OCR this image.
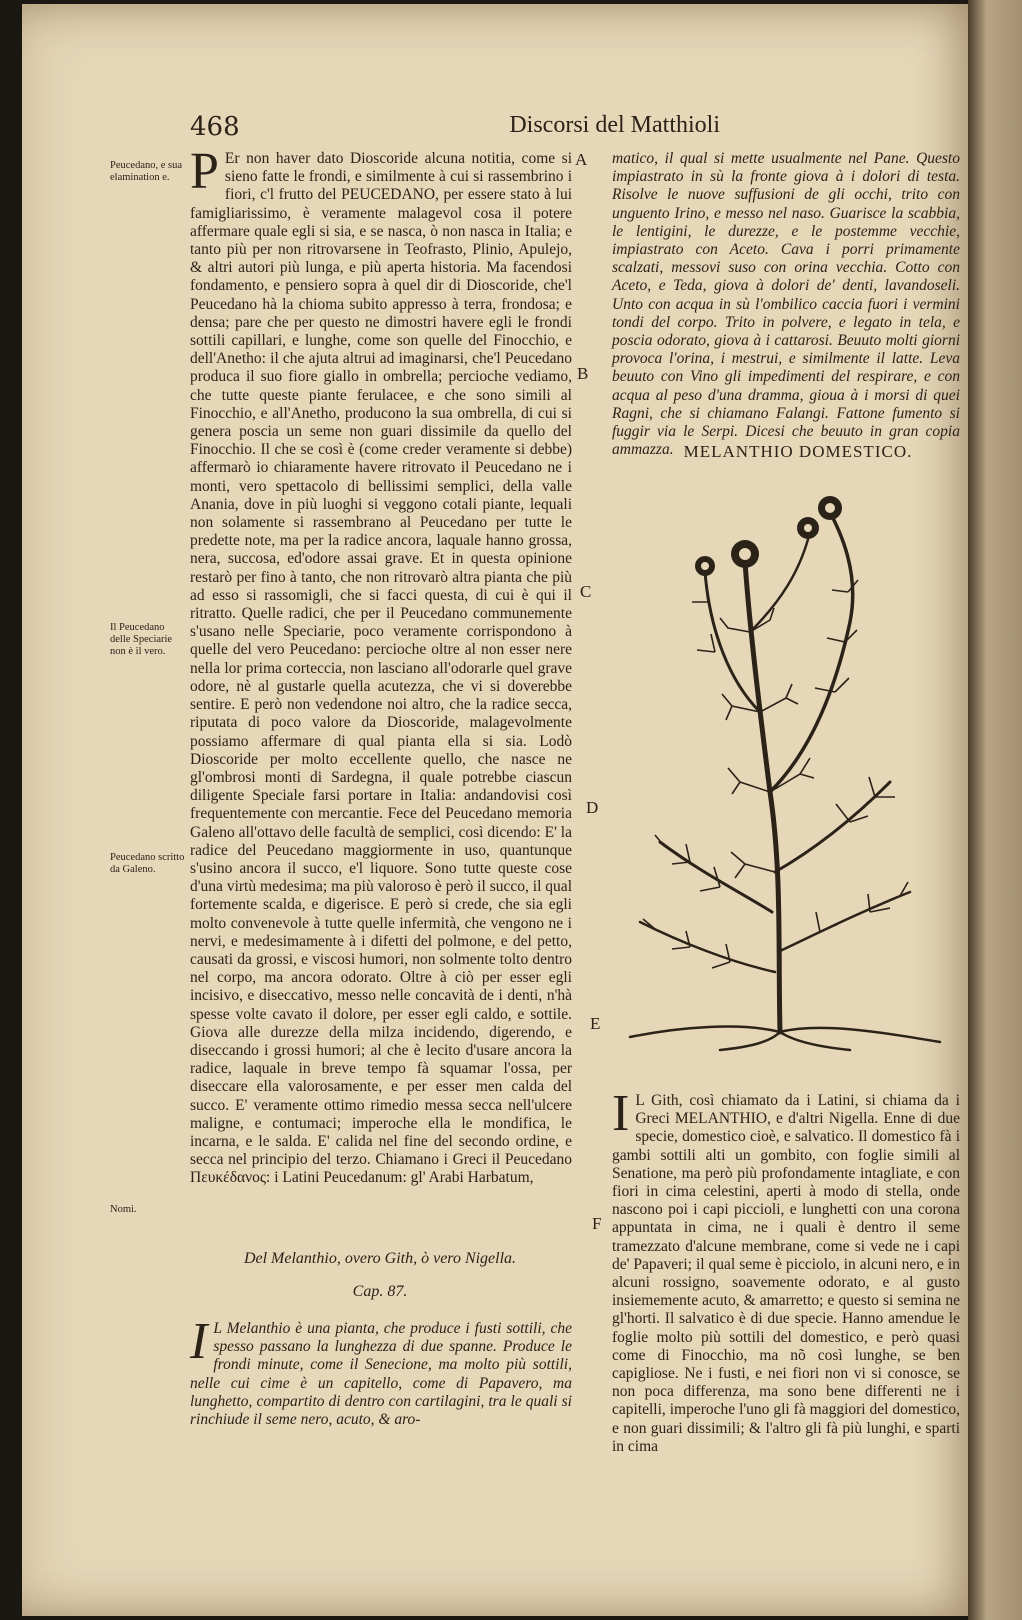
468	Discorsi del Matthioli
Peucedano, e sua elamination e.
Il Peucedano delle Speciarie non è il vero.
Peucedano scritto da Galeno.
Nomi.
A
B
C
D
E
F

P Er non haver dato Dioscoride alcuna notitia, come si sieno fatte le frondi, e similmente à cui si rassembrino i fiori, c'l frutto del PEUCEDANO, per essere stato à lui famigliarissimo, è veramente malagevol cosa il potere affermare quale egli si sia, e se nasca, ò non nasca in Italia; e tanto più per non ritrovarsene in Teofrasto, Plinio, Apulejo, & altri autori più lunga, e più aperta historia. Ma facendosi fondamento, e pensiero sopra à quel dir di Dioscoride, che'l Peucedano hà la chioma subito appresso à terra, frondosa; e densa; pare che per questo ne dimostri havere egli le frondi sottili capillari, e lunghe, come son quelle del Finocchio, e dell'Anetho: il che ajuta altrui ad imaginarsi, che'l Peucedano produca il suo fiore giallo in ombrella; percioche vediamo, che tutte queste piante ferulacee, e che sono simili al Finocchio, e all'Anetho, producono la sua ombrella, di cui si genera poscia un seme non guari dissimile da quello del Finocchio. Il che se così è (come creder veramente si debbe) affermarò io chiaramente havere ritrovato il Peucedano ne i monti, vero spettacolo di bellissimi semplici, della valle Anania, dove in più luoghi si veggono cotali piante, lequali non solamente si rassembrano al Peucedano per tutte le predette note, ma per la radice ancora, laquale hanno grossa, nera, succosa, ed'odore assai grave. Et in questa opinione restarò per fino à tanto, che non ritrovarò altra pianta che più ad esso si rassomigli, che si facci questa, di cui è qui il ritratto. Quelle radici, che per il Peucedano communemente s'usano nelle Speciarie, poco veramente corrispondono à quelle del vero Peucedano: percioche oltre al non esser nere nella lor prima corteccia, non lasciano all'odorarle quel grave odore, nè al gustarle quella acutezza, che vi si doverebbe sentire. E però non vedendone noi altro, che la radice secca, riputata di poco valore da Dioscoride, malagevolmente possiamo affermare di qual pianta ella si sia. Lodò Dioscoride per molto eccellente quello, che nasce ne gl'ombrosi monti di Sardegna, il quale potrebbe ciascun diligente Speciale farsi portare in Italia: andandovisi così frequentemente con mercantie. Fece del Peucedano memoria Galeno all'ottavo delle facultà de semplici, così dicendo: E' la radice del Peucedano maggiormente in uso, quantunque s'usino ancora il succo, e'l liquore. Sono tutte queste cose d'una virtù medesima; ma più valoroso è però il succo, il qual fortemente scalda, e digerisce. E però si crede, che sia egli molto convenevole à tutte quelle infermità, che vengono ne i nervi, e medesimamente à i difetti del polmone, e del petto, causati da grossi, e viscosi humori, non solmente tolto dentro nel corpo, ma ancora odorato. Oltre à ciò per esser egli incisivo, e diseccativo, messo nelle concavità de i denti, n'hà spesse volte cavato il dolore, per esser egli caldo, e sottile. Giova alle durezze della milza incidendo, digerendo, e diseccando i grossi humori; al che è lecito d'usare ancora la radice, laquale in breve tempo fà squamar l'ossa, per diseccare ella valorosamente, e per esser men calda del succo. E' veramente ottimo rimedio messa secca nell'ulcere maligne, e contumaci; imperoche ella le mondifica, le incarna, e le salda. E' calida nel fine del secondo ordine, e secca nel principio del terzo. Chiamano i Greci il Peucedano Πευκέδανος: i Latini Peucedanum: gl' Arabi Harbatum,

Del Melanthio, overo Gith, ò vero Nigella.
Cap. 87.

I L Melanthio è una pianta, che produce i fusti sottili, che spesso passano la lunghezza di due spanne. Produce le frondi minute, come il Senecione, ma molto più sottili, nelle cui cime è un capitello, come di Papavero, ma lunghetto, compartito di dentro con cartilagini, tra le quali si rinchiude il seme nero, acuto, & aro-

matico, il qual si mette usualmente nel Pane. Questo impiastrato in sù la fronte giova à i dolori di testa. Risolve le nuove suffusioni de gli occhi, trito con unguento Irino, e messo nel naso. Guarisce la scabbia, le lentigini, le durezze, e le postemme vecchie, impiastrato con Aceto. Cava i porri primamente scalzati, messovi suso con orina vecchia. Cotto con Aceto, e Teda, giova à dolori de' denti, lavandoseli. Unto con acqua in sù l'ombilico caccia fuori i vermini tondi del corpo. Trito in polvere, e legato in tela, e poscia odorato, giova à i cattarosi. Beuuto molti giorni provoca l'orina, i mestrui, e similmente il latte. Leva beuuto con Vino gli impedimenti del respirare, e con acqua al peso d'una dramma, gioua à i morsi di quei Ragni, che si chiamano Falangi. Fattone fumento si fuggir via le Serpi. Dicesi che beuuto in gran copia ammazza. MELANTHIO DOMESTICO.

I L Gith, così chiamato da i Latini, si chiama da i Greci MELANTHIO, e d'altri Nigella. Enne di due specie, domestico cioè, e salvatico. Il domestico fà i gambi sottili alti un gombito, con foglie simili al Senatione, ma però più profondamente intagliate, e con fiori in cima celestini, aperti à modo di stella, onde nascono poi i capi piccioli, e lunghetti con una corona appuntata in cima, ne i quali è dentro il seme tramezzato d'alcune membrane, come si vede ne i capi de' Papaveri; il qual seme è picciolo, in alcuni nero, e in alcuni rossigno, soavemente odorato, e al gusto insiememente acuto, & amarretto; e questo si semina ne gl'horti. Il salvatico è di due specie. Hanno amendue le foglie molto più sottili del domestico, e però quasi come di Finocchio, ma nõ così lunghe, se ben capigliose. Ne i fusti, e nei fiori non vi si conosce, se non poca differenza, ma sono bene differenti ne i capitelli, imperoche l'uno gli fà maggiori del domestico, e non guari dissimili; & l'altro gli fà più lunghi, e sparti in cima
